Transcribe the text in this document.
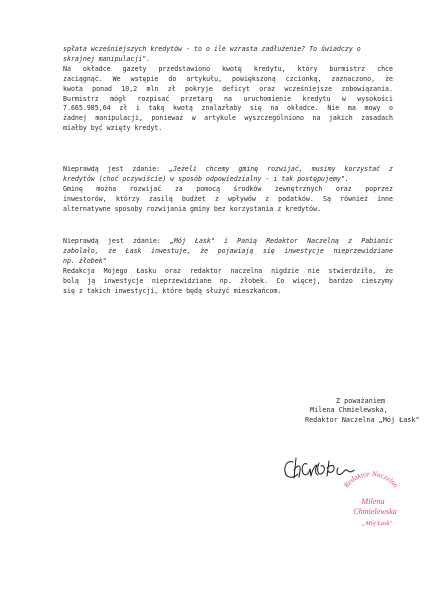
spłata wcześniejszych kredytów - to o ile wzrasta zadłużenie? To świadczy o
skrajnej manipulacji".
Na okładce gazety przedstawiono kwotę kredytu, który burmistrz chce
zaciągnąć. We wstępie do artykułu, powiększoną czcionką, zaznaczono, że
kwota ponad 10,2 mln zł pokryje deficyt oraz wcześniejsze zobowiązania.
Burmistrz mógł rozpisać przetarg na uruchomienie kredytu w wysokości
7.665.985,64 zł i taką kwotą znalazłaby się na okładce. Nie ma mowy o
żadnej manipulacji, ponieważ w artykule wyszczególniono na jakich zasadach
miałby być wzięty kredyt.
Nieprawdą jest zdanie: „Jeżeli chcemy gminę rozwijać, musimy korzystać z
kredytów (choć oczywiście) w sposób odpowiedzialny - i tak postępujemy".
Gminę można rozwijać za pomocą środków zewnętrznych oraz poprzez
inwestorów, którzy zasilą budżet z wpływów z podatków. Są również inne
alternatywne sposoby rozwijania gminy bez korzystania z kredytów.
Nieprawdą jest zdanie: „Mój Łask" i Panią Redaktor Naczelną z Pabianic
zabolało, że Łask inwestuje, że pojawiają się inwestycje nieprzewidziane
np. żłobek"
Redakcja Mojego Łasku oraz redaktor naczelna nigdzie nie stwierdziła, że
bolą ją inwestycje nieprzewidziane np. żłobek. Co więcej, bardzo cieszymy
się z takich inwestycji, które będą służyć mieszkańcom.
Z poważaniem
Milena Chmielewska,
Redaktor Naczelna „Mój Łask"
Redaktor Naczelna
Milena
Chmielewska
„Mój Łask"
